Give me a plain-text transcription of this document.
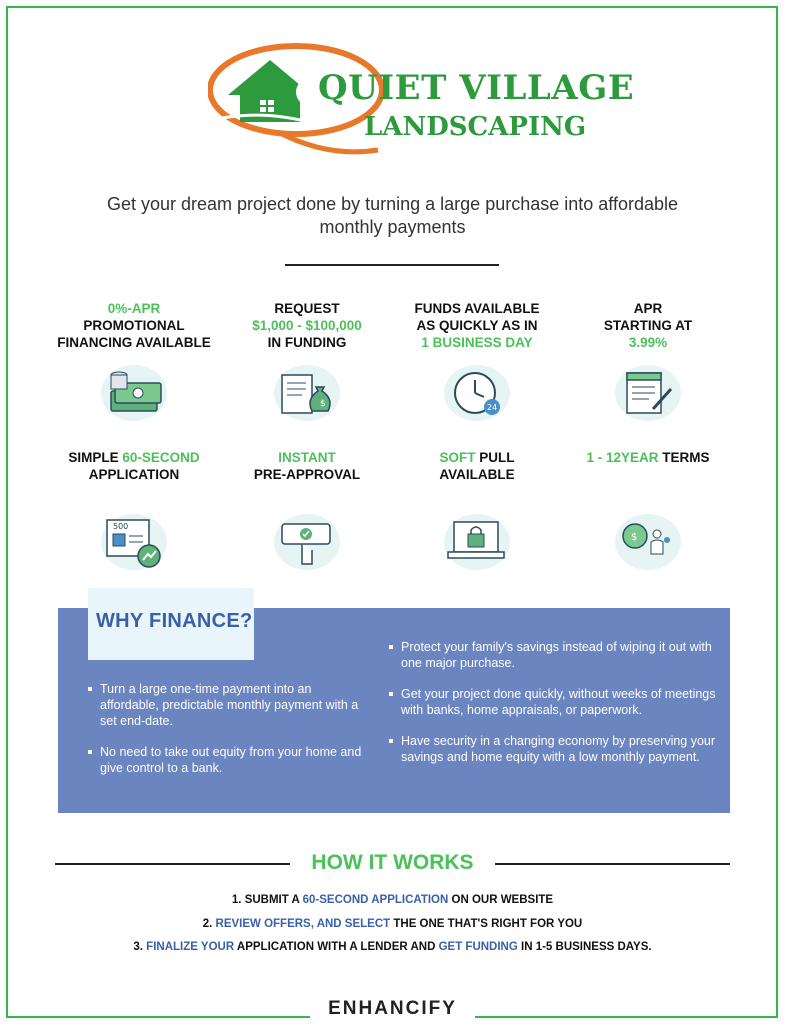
QUIET VILLAGE
LANDSCAPING
Get your dream project done by turning a large purchase into affordable monthly payments
0%-APR
PROMOTIONAL
FINANCING AVAILABLE
REQUEST
$1,000 - $100,000
IN FUNDING
$
FUNDS AVAILABLE
AS QUICKLY AS IN
1 BUSINESS DAY
24
APR
STARTING AT
3.99%
SIMPLE 60-SECOND
APPLICATION
500
INSTANT
PRE-APPROVAL
SOFT PULL
AVAILABLE
1 - 12YEAR TERMS
$
WHY FINANCE?
Turn a large one-time payment into an affordable, predictable monthly payment with a set end-date.
No need to take out equity from your home and give control to a bank.
Protect your family's savings instead of wiping it out with one major purchase.
Get your project done quickly, without weeks of meetings with banks, home appraisals, or paperwork.
Have security in a changing economy by preserving your savings and home equity with a low monthly payment.
HOW IT WORKS
1. SUBMIT A 60-SECOND APPLICATION ON OUR WEBSITE
2. REVIEW OFFERS, AND SELECT THE ONE THAT'S RIGHT FOR YOU
3. FINALIZE YOUR APPLICATION WITH A LENDER AND GET FUNDING IN 1-5 BUSINESS DAYS.
ENHANCIFY
